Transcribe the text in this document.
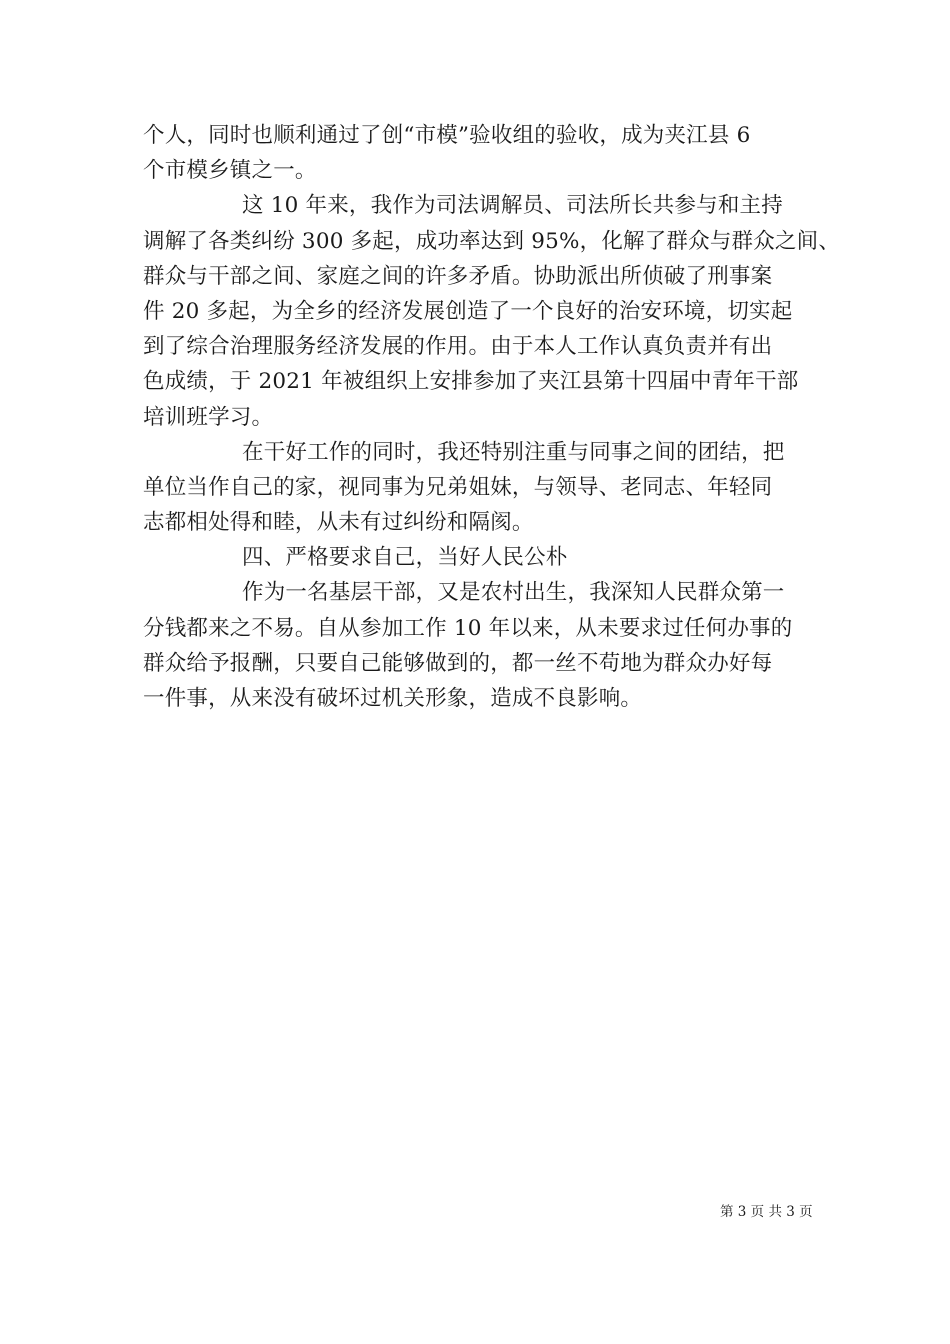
个人，同时也顺利通过了创“市模”验收组的验收，成为夹江县 6
个市模乡镇之一。
这 10 年来，我作为司法调解员、司法所长共参与和主持
调解了各类纠纷 300 多起，成功率达到 95%，化解了群众与群众之间、
群众与干部之间、家庭之间的许多矛盾。协助派出所侦破了刑事案
件 20 多起，为全乡的经济发展创造了一个良好的治安环境，切实起
到了综合治理服务经济发展的作用。由于本人工作认真负责并有出
色成绩，于 2021 年被组织上安排参加了夹江县第十四届中青年干部
培训班学习。
在干好工作的同时，我还特别注重与同事之间的团结，把
单位当作自己的家，视同事为兄弟姐妹，与领导、老同志、年轻同
志都相处得和睦，从未有过纠纷和隔阂。
四、严格要求自己，当好人民公朴
作为一名基层干部，又是农村出生，我深知人民群众第一
分钱都来之不易。自从参加工作 10 年以来，从未要求过任何办事的
群众给予报酬，只要自己能够做到的，都一丝不苟地为群众办好每
一件事，从来没有破坏过机关形象，造成不良影响。
第 3 页 共 3 页
